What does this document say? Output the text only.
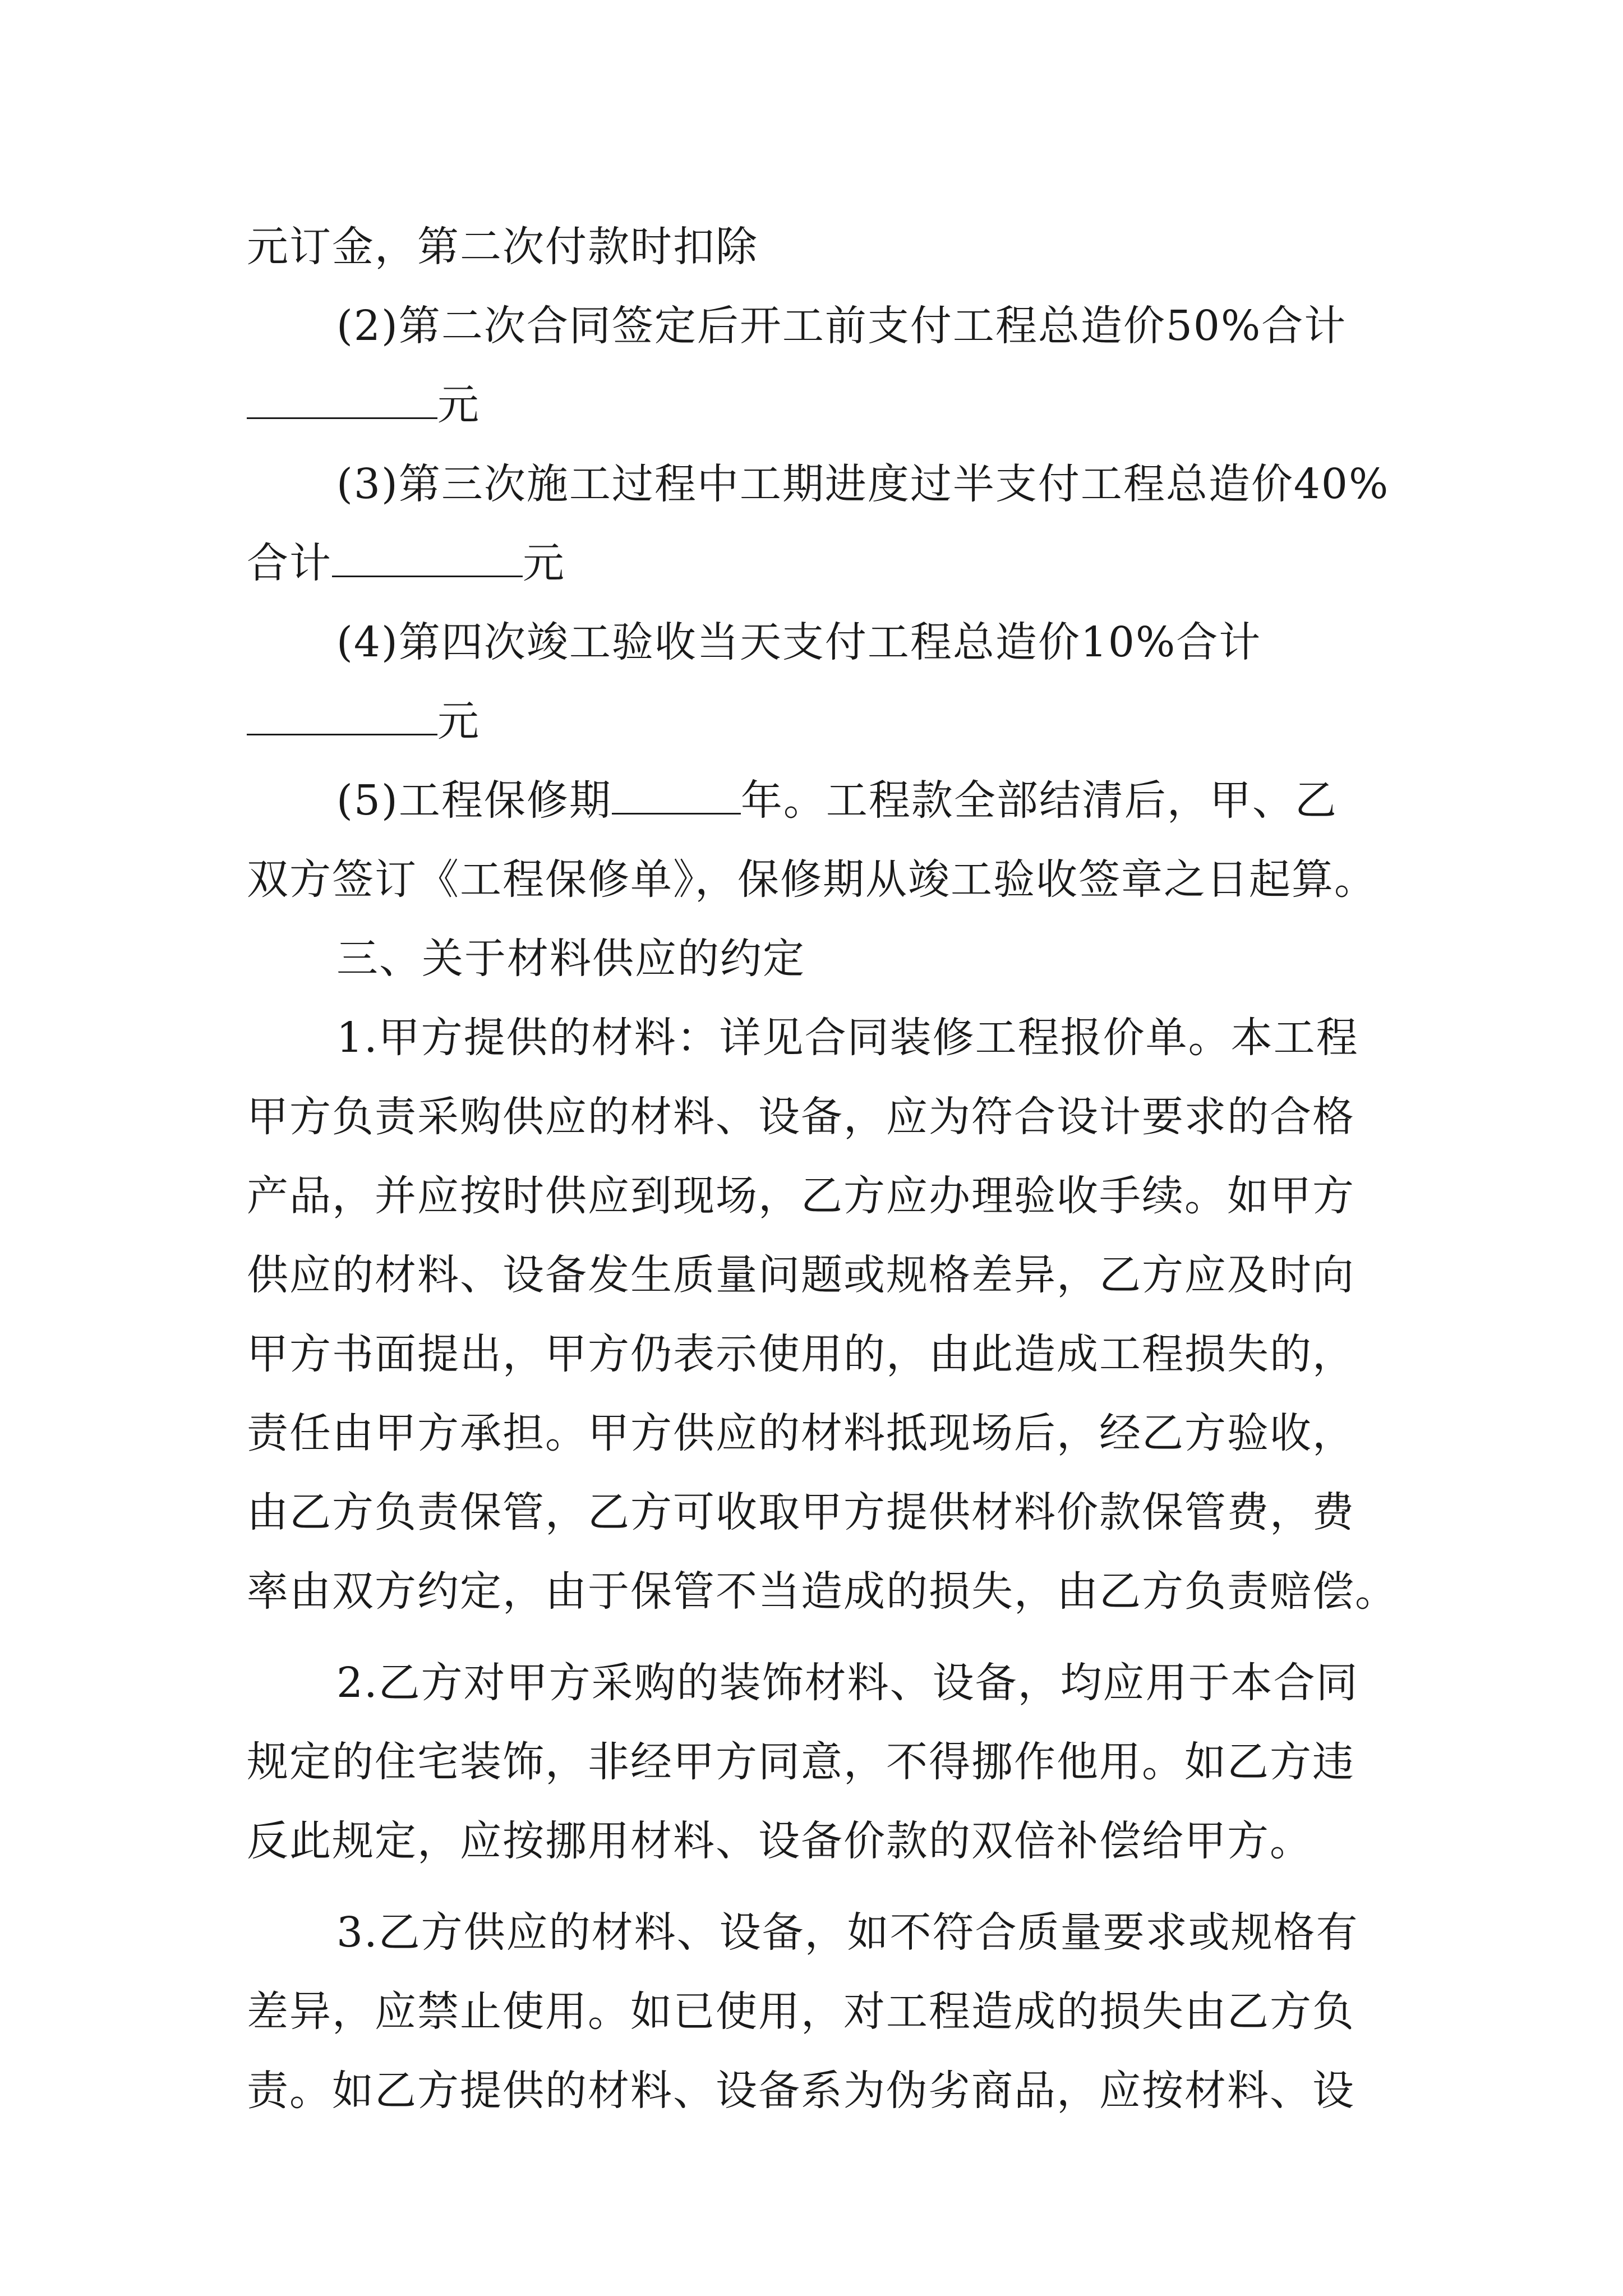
元订金，第二次付款时扣除
(2)第二次合同签定后开工前支付工程总造价50%合计
元
(3)第三次施工过程中工期进度过半支付工程总造价40%
合计	元
(4)第四次竣工验收当天支付工程总造价10%合计
元
(5)工程保修期	年。工程款全部结清后，甲、乙
双方签订《工程保修单》，保修期从竣工验收签章之日起算。
三、关于材料供应的约定
1.甲方提供的材料：详见合同装修工程报价单。本工程
甲方负责采购供应的材料、设备，应为符合设计要求的合格
产品，并应按时供应到现场，乙方应办理验收手续。如甲方
供应的材料、设备发生质量问题或规格差异，乙方应及时向
甲方书面提出，甲方仍表示使用的，由此造成工程损失的，
责任由甲方承担。甲方供应的材料抵现场后，经乙方验收，
由乙方负责保管，乙方可收取甲方提供材料价款保管费，费
率由双方约定，由于保管不当造成的损失，由乙方负责赔偿。
2.乙方对甲方采购的装饰材料、设备，均应用于本合同
规定的住宅装饰，非经甲方同意，不得挪作他用。如乙方违
反此规定，应按挪用材料、设备价款的双倍补偿给甲方。
3.乙方供应的材料、设备，如不符合质量要求或规格有
差异，应禁止使用。如已使用，对工程造成的损失由乙方负
责。如乙方提供的材料、设备系为伪劣商品，应按材料、设
